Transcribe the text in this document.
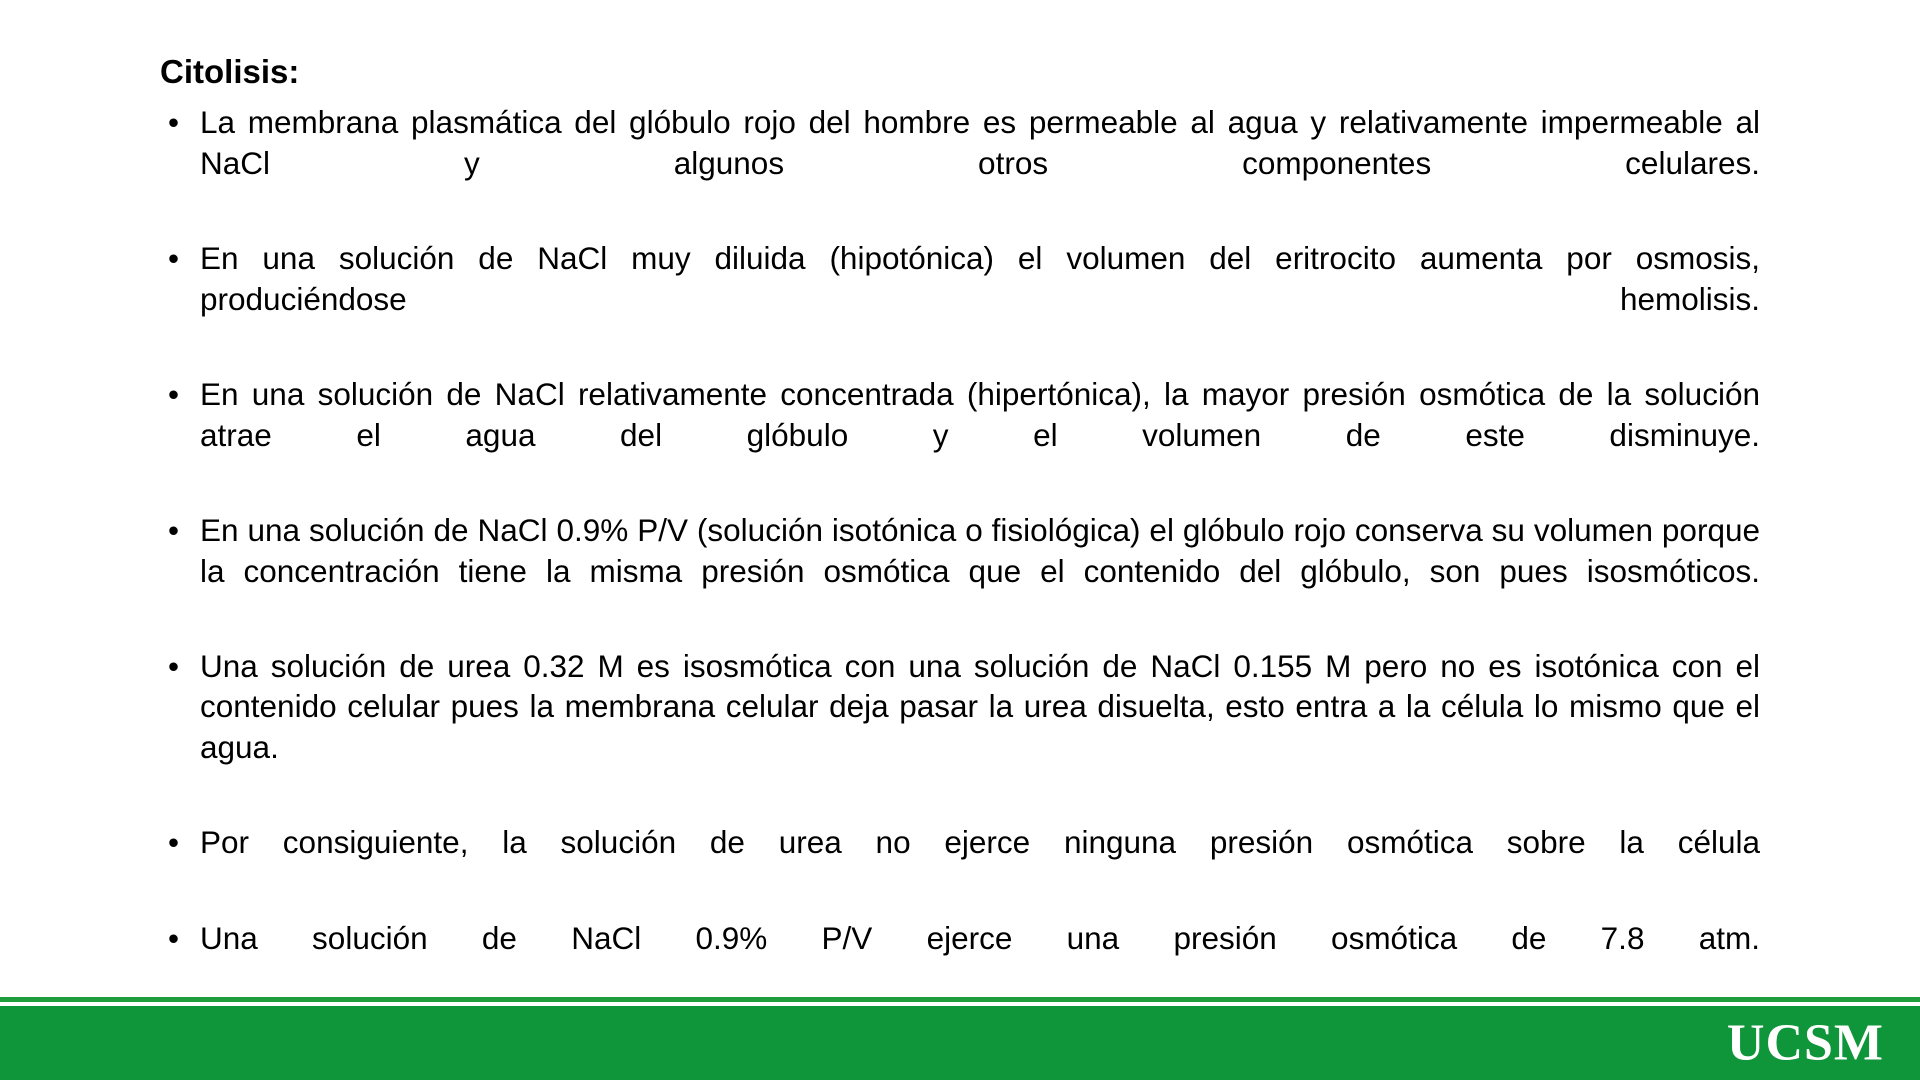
Citolisis:
• La membrana plasmática del glóbulo rojo del hombre es permeable al agua y relativamente impermeable al NaCl y algunos otros componentes celulares.
• En una solución de NaCl muy diluida (hipotónica) el volumen del eritrocito aumenta por osmosis, produciéndose hemolisis.
• En una solución de NaCl relativamente concentrada (hipertónica), la mayor presión osmótica de la solución atrae el agua del glóbulo y el volumen de este disminuye.
• En una solución de NaCl 0.9% P/V (solución isotónica o fisiológica) el glóbulo rojo conserva su volumen porque la concentración tiene la misma presión osmótica que el contenido del glóbulo, son pues isosmóticos.
• Una solución de urea 0.32 M es isosmótica con una solución de NaCl 0.155 M pero no es isotónica con el contenido celular pues la membrana celular deja pasar la urea disuelta, esto entra a la célula lo mismo que el agua.
• Por consiguiente, la solución de urea no ejerce ninguna presión osmótica sobre la célula
• Una solución de NaCl 0.9% P/V ejerce una presión osmótica de 7.8 atm.
UCSM
